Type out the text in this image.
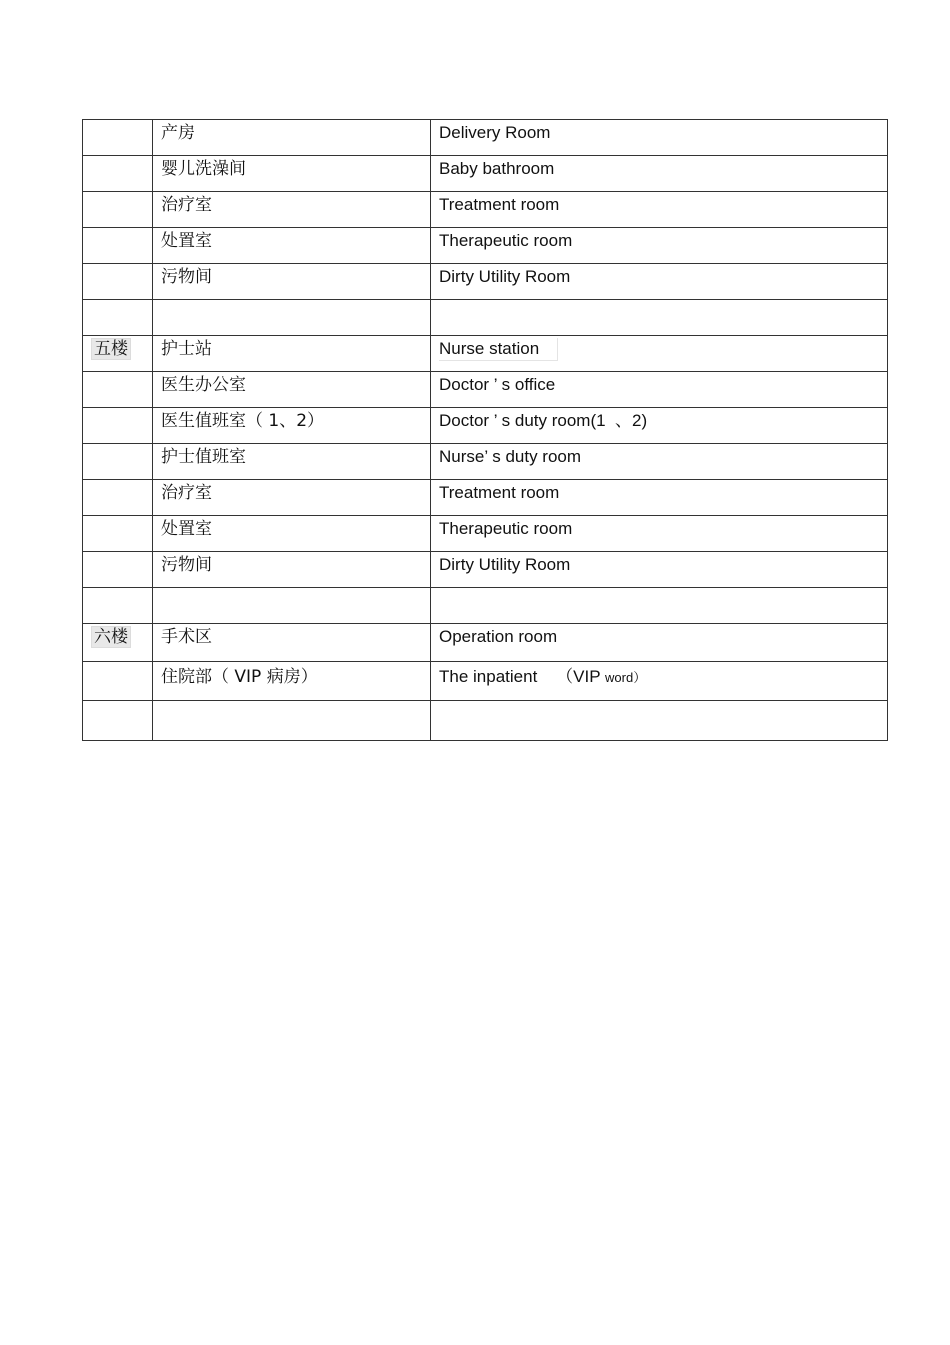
	产房	Delivery Room

	婴儿洗澡间	Baby bathroom

	治疗室	Treatment room

	处置室	Therapeutic room

	污物间	Dirty Utility Room

五楼	护士站	Nurse station

	医生办公室	Doctor ’ s office

	医生值班室（ 1、2）	Doctor ’ s duty room(1  、2)

	护士值班室	Nurse’ s duty room

	治疗室	Treatment room

	处置室	Therapeutic room

	污物间	Dirty Utility Room

六楼	手术区	Operation room

	住院部（ VIP 病房）	The inpatient    （VIP word）
